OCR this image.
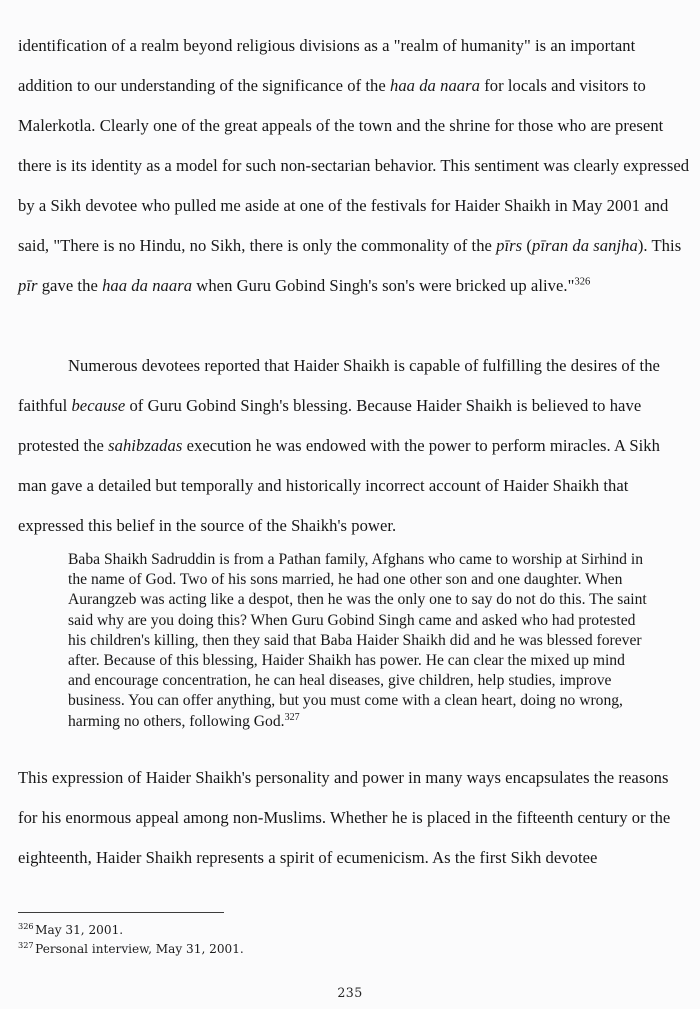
identification of a realm beyond religious divisions as a "realm of humanity" is an important addition to our understanding of the significance of the haa da naara for locals and visitors to Malerkotla. Clearly one of the great appeals of the town and the shrine for those who are present there is its identity as a model for such non-sectarian behavior. This sentiment was clearly expressed by a Sikh devotee who pulled me aside at one of the festivals for Haider Shaikh in May 2001 and said, "There is no Hindu, no Sikh, there is only the commonality of the pīrs (pīran da sanjha). This pīr gave the haa da naara when Guru Gobind Singh's son's were bricked up alive."$^{326}$

Numerous devotees reported that Haider Shaikh is capable of fulfilling the desires of the faithful because of Guru Gobind Singh's blessing. Because Haider Shaikh is believed to have protested the sahibzadas execution he was endowed with the power to perform miracles. A Sikh man gave a detailed but temporally and historically incorrect account of Haider Shaikh that expressed this belief in the source of the Shaikh's power.

Baba Shaikh Sadruddin is from a Pathan family, Afghans who came to worship at Sirhind in the name of God. Two of his sons married, he had one other son and one daughter. When Aurangzeb was acting like a despot, then he was the only one to say do not do this. The saint said why are you doing this? When Guru Gobind Singh came and asked who had protested his children's killing, then they said that Baba Haider Shaikh did and he was blessed forever after. Because of this blessing, Haider Shaikh has power. He can clear the mixed up mind and encourage concentration, he can heal diseases, give children, help studies, improve business. You can offer anything, but you must come with a clean heart, doing no wrong, harming no others, following God.$^{327}$

This expression of Haider Shaikh's personality and power in many ways encapsulates the reasons for his enormous appeal among non-Muslims. Whether he is placed in the fifteenth century or the eighteenth, Haider Shaikh represents a spirit of ecumenicism. As the first Sikh devotee

$^{326}$ May 31, 2001.
$^{327}$ Personal interview, May 31, 2001.
235
